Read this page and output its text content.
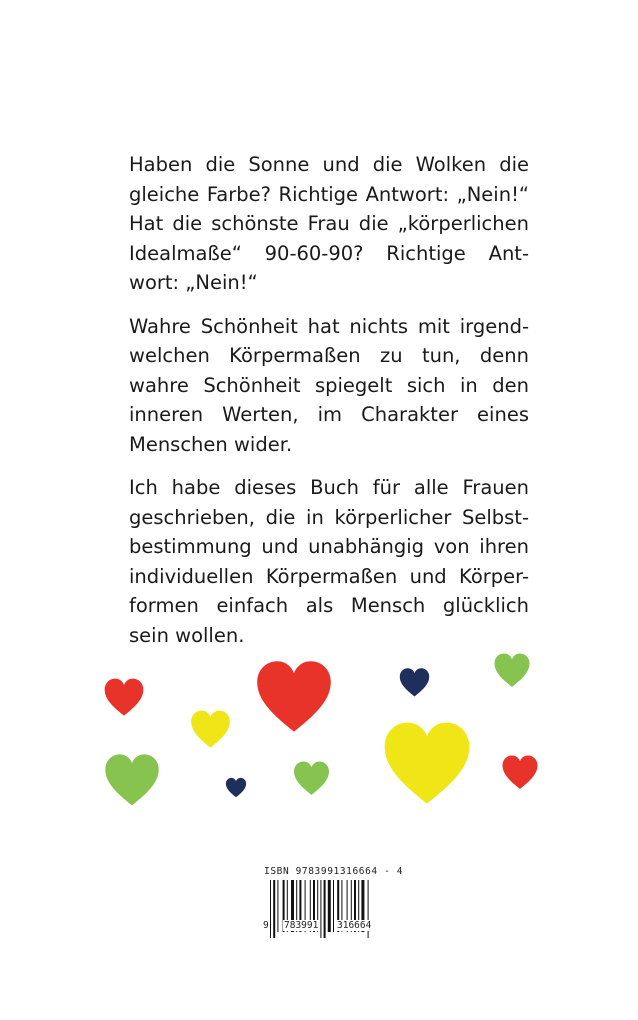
Haben die Sonne und die Wolken die
gleiche Farbe? Richtige Antwort: „Nein!“
Hat die schönste Frau die „körperlichen
Idealmaße“ 90-60-90? Richtige Ant-
wort: „Nein!“

Wahre Schönheit hat nichts mit irgend-
welchen Körpermaßen zu tun, denn
wahre Schönheit spiegelt sich in den
inneren Werten, im Charakter eines
Menschen wider.

Ich habe dieses Buch für alle Frauen
geschrieben, die in körperlicher Selbst-
bestimmung und unabhängig von ihren
individuellen Körpermaßen und Körper-
formen einfach als Mensch glücklich
sein wollen.

ISBN 9783991316664 - 4
9 783991 316664
